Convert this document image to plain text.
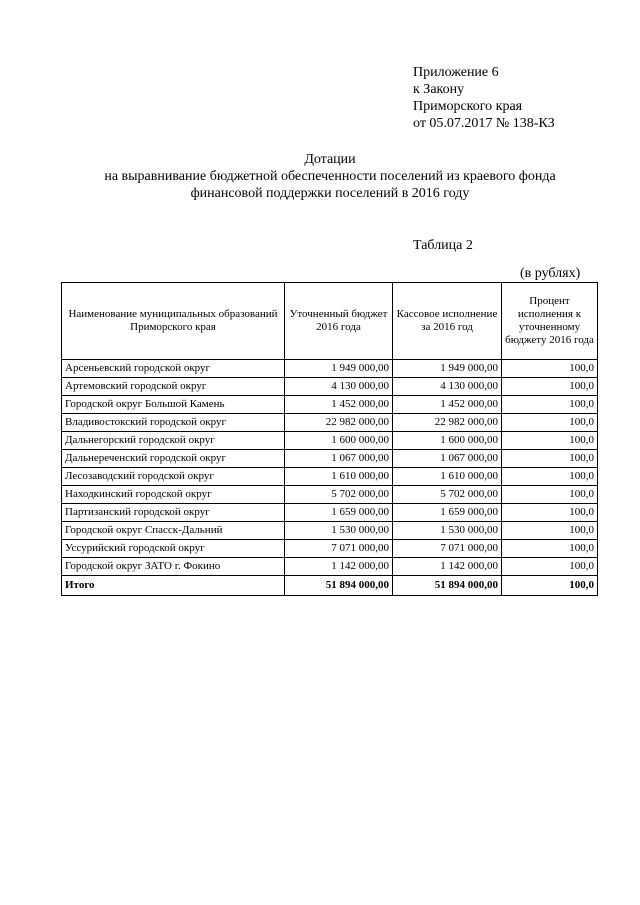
Приложение 6
к Закону
Приморского края
от 05.07.2017 № 138-КЗ
Дотации
на выравнивание бюджетной обеспеченности поселений из краевого фонда
финансовой поддержки поселений в 2016 году
Таблица 2
(в рублях)
Наименование муниципальных образований Приморского края	Уточненный бюджет 2016 года	Кассовое исполнение за 2016 год	Процент исполнения к уточненному бюджету 2016 года
Арсеньевский городской округ	1 949 000,00	1 949 000,00	100,0
Артемовский городской округ	4 130 000,00	4 130 000,00	100,0
Городской округ Большой Камень	1 452 000,00	1 452 000,00	100,0
Владивостокский городской округ	22 982 000,00	22 982 000,00	100,0
Дальнегорский городской округ	1 600 000,00	1 600 000,00	100,0
Дальнереченский городской округ	1 067 000,00	1 067 000,00	100,0
Лесозаводский городской округ	1 610 000,00	1 610 000,00	100,0
Находкинский городской округ	5 702 000,00	5 702 000,00	100,0
Партизанский городской округ	1 659 000,00	1 659 000,00	100,0
Городской округ Спасск-Дальний	1 530 000,00	1 530 000,00	100,0
Уссурийский городской округ	7 071 000,00	7 071 000,00	100,0
Городской округ ЗАТО г. Фокино	1 142 000,00	1 142 000,00	100,0
Итого	51 894 000,00	51 894 000,00	100,0
